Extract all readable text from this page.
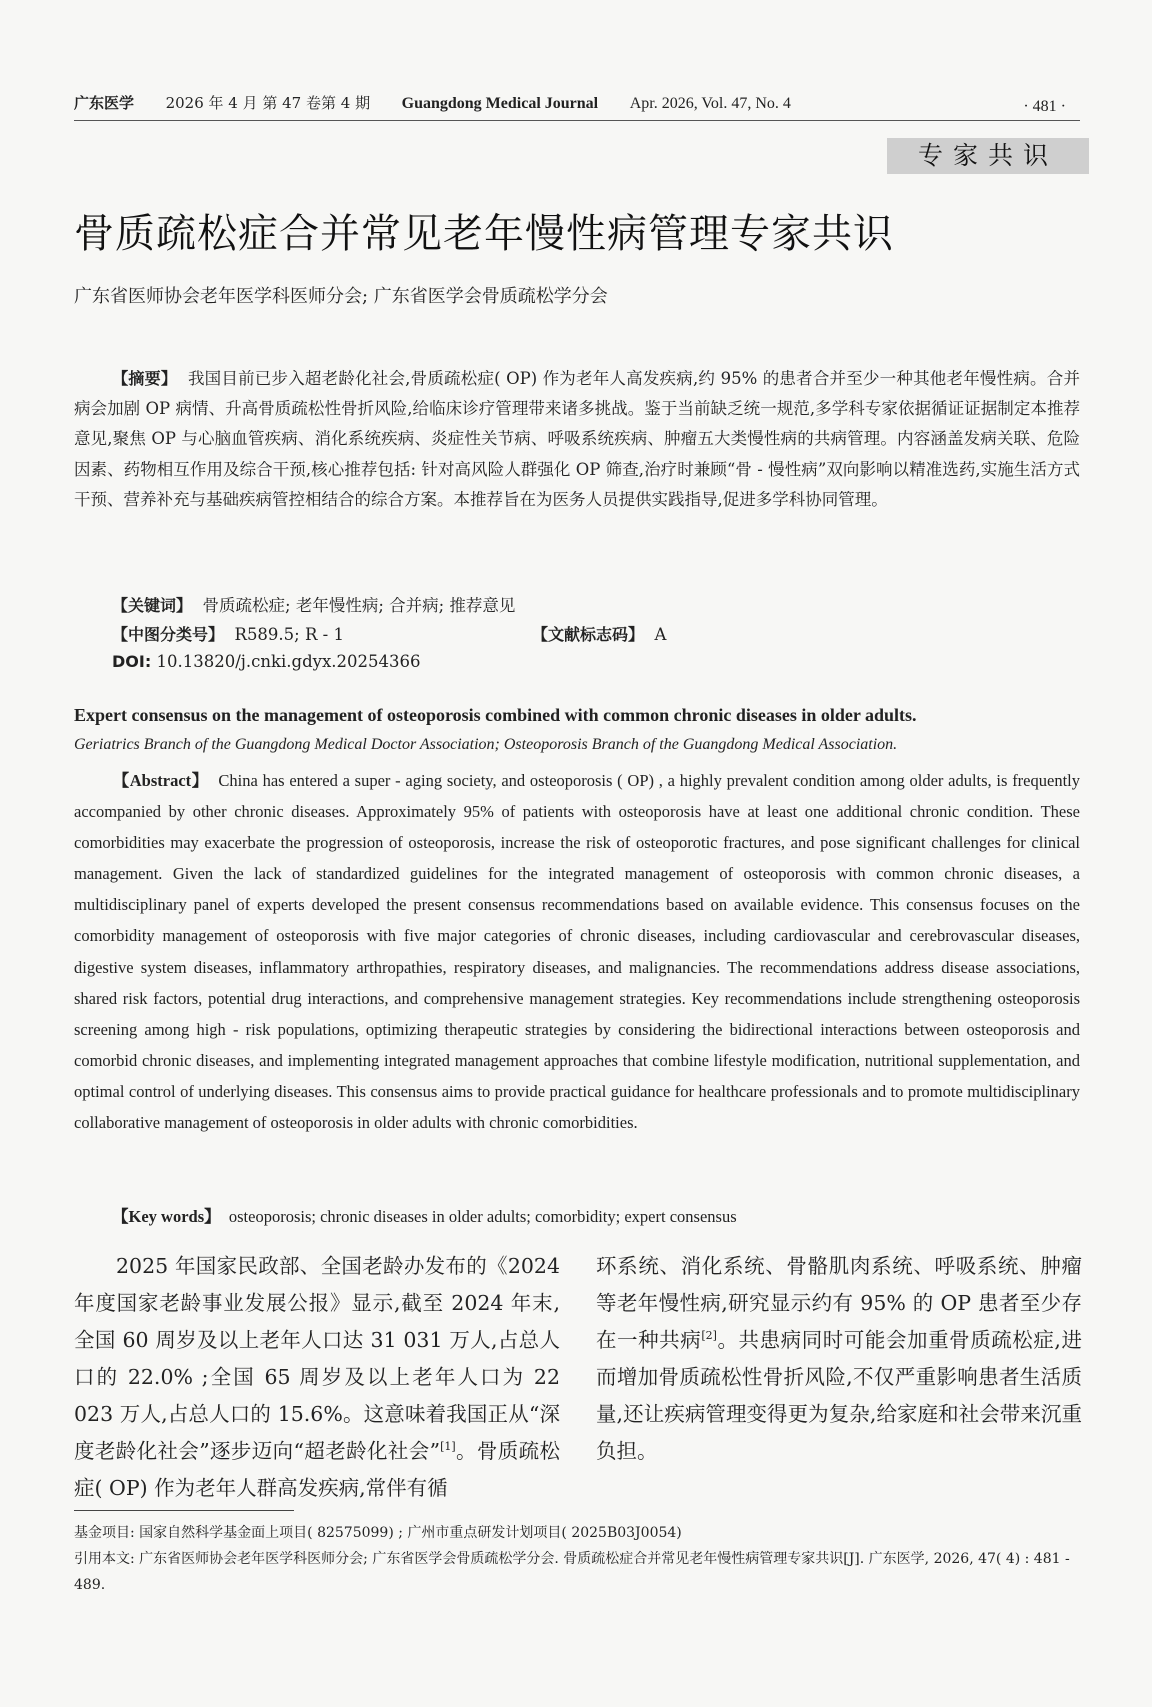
广东医学 2026 年 4 月 第 47 卷第 4 期 Guangdong Medical Journal Apr. 2026, Vol. 47, No. 4	· 481 ·
专家共识
骨质疏松症合并常见老年慢性病管理专家共识
广东省医师协会老年医学科医师分会; 广东省医学会骨质疏松学分会
【摘要】 我国目前已步入超老龄化社会,骨质疏松症( OP) 作为老年人高发疾病,约 95% 的患者合并至少一种其他老年慢性病。合并病会加剧 OP 病情、升高骨质疏松性骨折风险,给临床诊疗管理带来诸多挑战。鉴于当前缺乏统一规范,多学科专家依据循证证据制定本推荐意见,聚焦 OP 与心脑血管疾病、消化系统疾病、炎症性关节病、呼吸系统疾病、肿瘤五大类慢性病的共病管理。内容涵盖发病关联、危险因素、药物相互作用及综合干预,核心推荐包括: 针对高风险人群强化 OP 筛查,治疗时兼顾“骨 - 慢性病”双向影响以精准选药,实施生活方式干预、营养补充与基础疾病管控相结合的综合方案。本推荐旨在为医务人员提供实践指导,促进多学科协同管理。
【关键词】 骨质疏松症; 老年慢性病; 合并病; 推荐意见
【中图分类号】 R589.5; R - 1	【文献标志码】 A
DOI: 10.13820/j.cnki.gdyx.20254366
Expert consensus on the management of osteoporosis combined with common chronic diseases in older adults.
Geriatrics Branch of the Guangdong Medical Doctor Association; Osteoporosis Branch of the Guangdong Medical Association.
【Abstract】 China has entered a super - aging society, and osteoporosis ( OP) , a highly prevalent condition among older adults, is frequently accompanied by other chronic diseases. Approximately 95% of patients with osteoporosis have at least one additional chronic condition. These comorbidities may exacerbate the progression of osteoporosis, increase the risk of osteoporotic fractures, and pose significant challenges for clinical management. Given the lack of standardized guidelines for the integrated management of osteoporosis with common chronic diseases, a multidisciplinary panel of experts developed the present consensus recommendations based on available evidence. This consensus focuses on the comorbidity management of osteoporosis with five major categories of chronic diseases, including cardiovascular and cerebrovascular diseases, digestive system diseases, inflammatory arthropathies, respiratory diseases, and malignancies. The recommendations address disease associations, shared risk factors, potential drug interactions, and comprehensive management strategies. Key recommendations include strengthening osteoporosis screening among high - risk populations, optimizing therapeutic strategies by considering the bidirectional interactions between osteoporosis and comorbid chronic diseases, and implementing integrated management approaches that combine lifestyle modification, nutritional supplementation, and optimal control of underlying diseases. This consensus aims to provide practical guidance for healthcare professionals and to promote multidisciplinary collaborative management of osteoporosis in older adults with chronic comorbidities.
【Key words】 osteoporosis; chronic diseases in older adults; comorbidity; expert consensus
2025 年国家民政部、全国老龄办发布的《2024 年度国家老龄事业发展公报》显示,截至 2024 年末,全国 60 周岁及以上老年人口达 31 031 万人,占总人口的 22.0% ;全国 65 周岁及以上老年人口为 22 023 万人,占总人口的 15.6%。这意味着我国正从“深度老龄化社会”逐步迈向“超老龄化社会”[1]。骨质疏松症( OP) 作为老年人群高发疾病,常伴有循
环系统、消化系统、骨骼肌肉系统、呼吸系统、肿瘤等老年慢性病,研究显示约有 95% 的 OP 患者至少存在一种共病[2]。共患病同时可能会加重骨质疏松症,进而增加骨质疏松性骨折风险,不仅严重影响患者生活质量,还让疾病管理变得更为复杂,给家庭和社会带来沉重负担。
基金项目: 国家自然科学基金面上项目( 82575099) ; 广州市重点研发计划项目( 2025B03J0054)
引用本文: 广东省医师协会老年医学科医师分会; 广东省医学会骨质疏松学分会. 骨质疏松症合并常见老年慢性病管理专家共识[J]. 广东医学, 2026, 47( 4) : 481 - 489.
